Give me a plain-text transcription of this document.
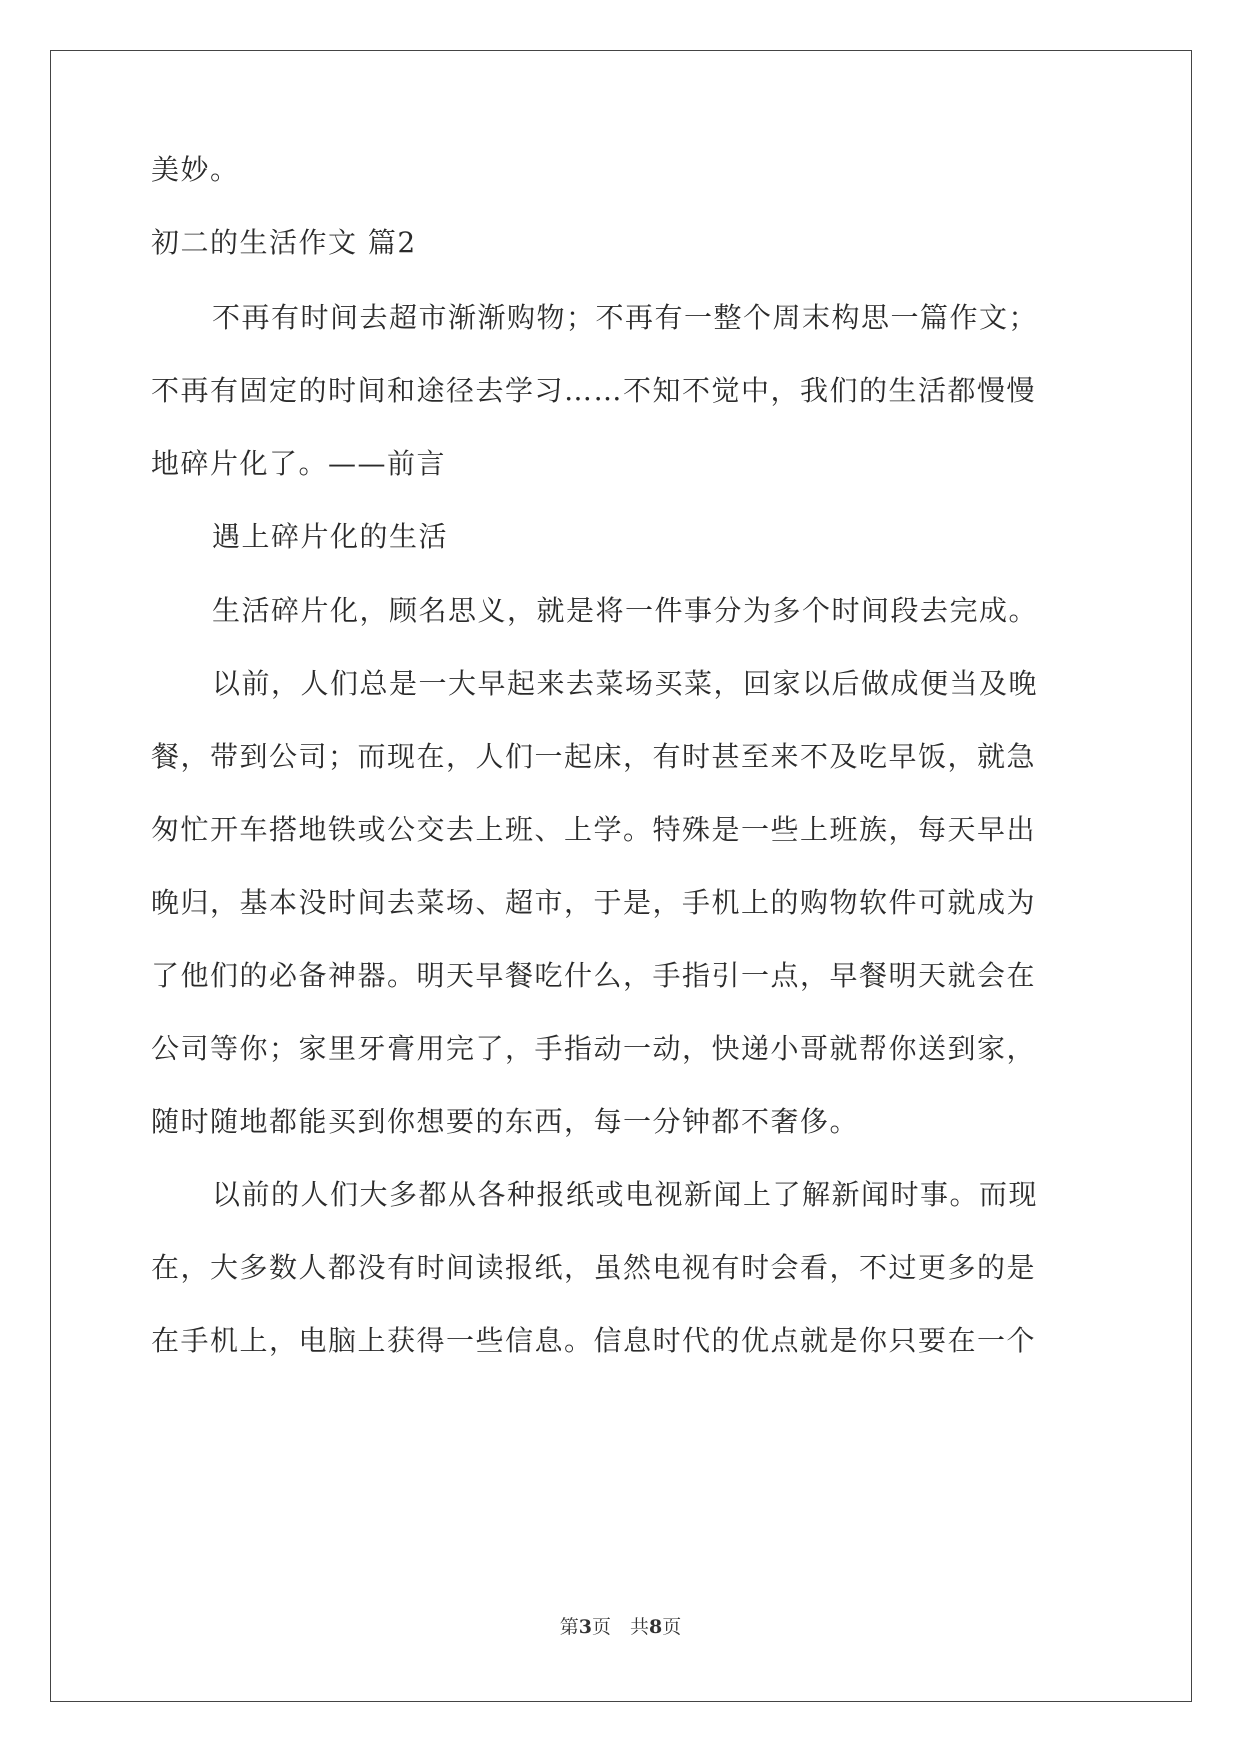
美妙。
初二的生活作文 篇2
不再有时间去超市渐渐购物；不再有一整个周末构思一篇作文；
不再有固定的时间和途径去学习……不知不觉中，我们的生活都慢慢
地碎片化了。——前言
遇上碎片化的生活
生活碎片化，顾名思义，就是将一件事分为多个时间段去完成。
以前，人们总是一大早起来去菜场买菜，回家以后做成便当及晚
餐，带到公司；而现在，人们一起床，有时甚至来不及吃早饭，就急
匆忙开车搭地铁或公交去上班、上学。特殊是一些上班族，每天早出
晚归，基本没时间去菜场、超市，于是，手机上的购物软件可就成为
了他们的必备神器。明天早餐吃什么，手指引一点，早餐明天就会在
公司等你；家里牙膏用完了，手指动一动，快递小哥就帮你送到家，
随时随地都能买到你想要的东西，每一分钟都不奢侈。
以前的人们大多都从各种报纸或电视新闻上了解新闻时事。而现
在，大多数人都没有时间读报纸，虽然电视有时会看，不过更多的是
在手机上，电脑上获得一些信息。信息时代的优点就是你只要在一个
第3页　共8页
